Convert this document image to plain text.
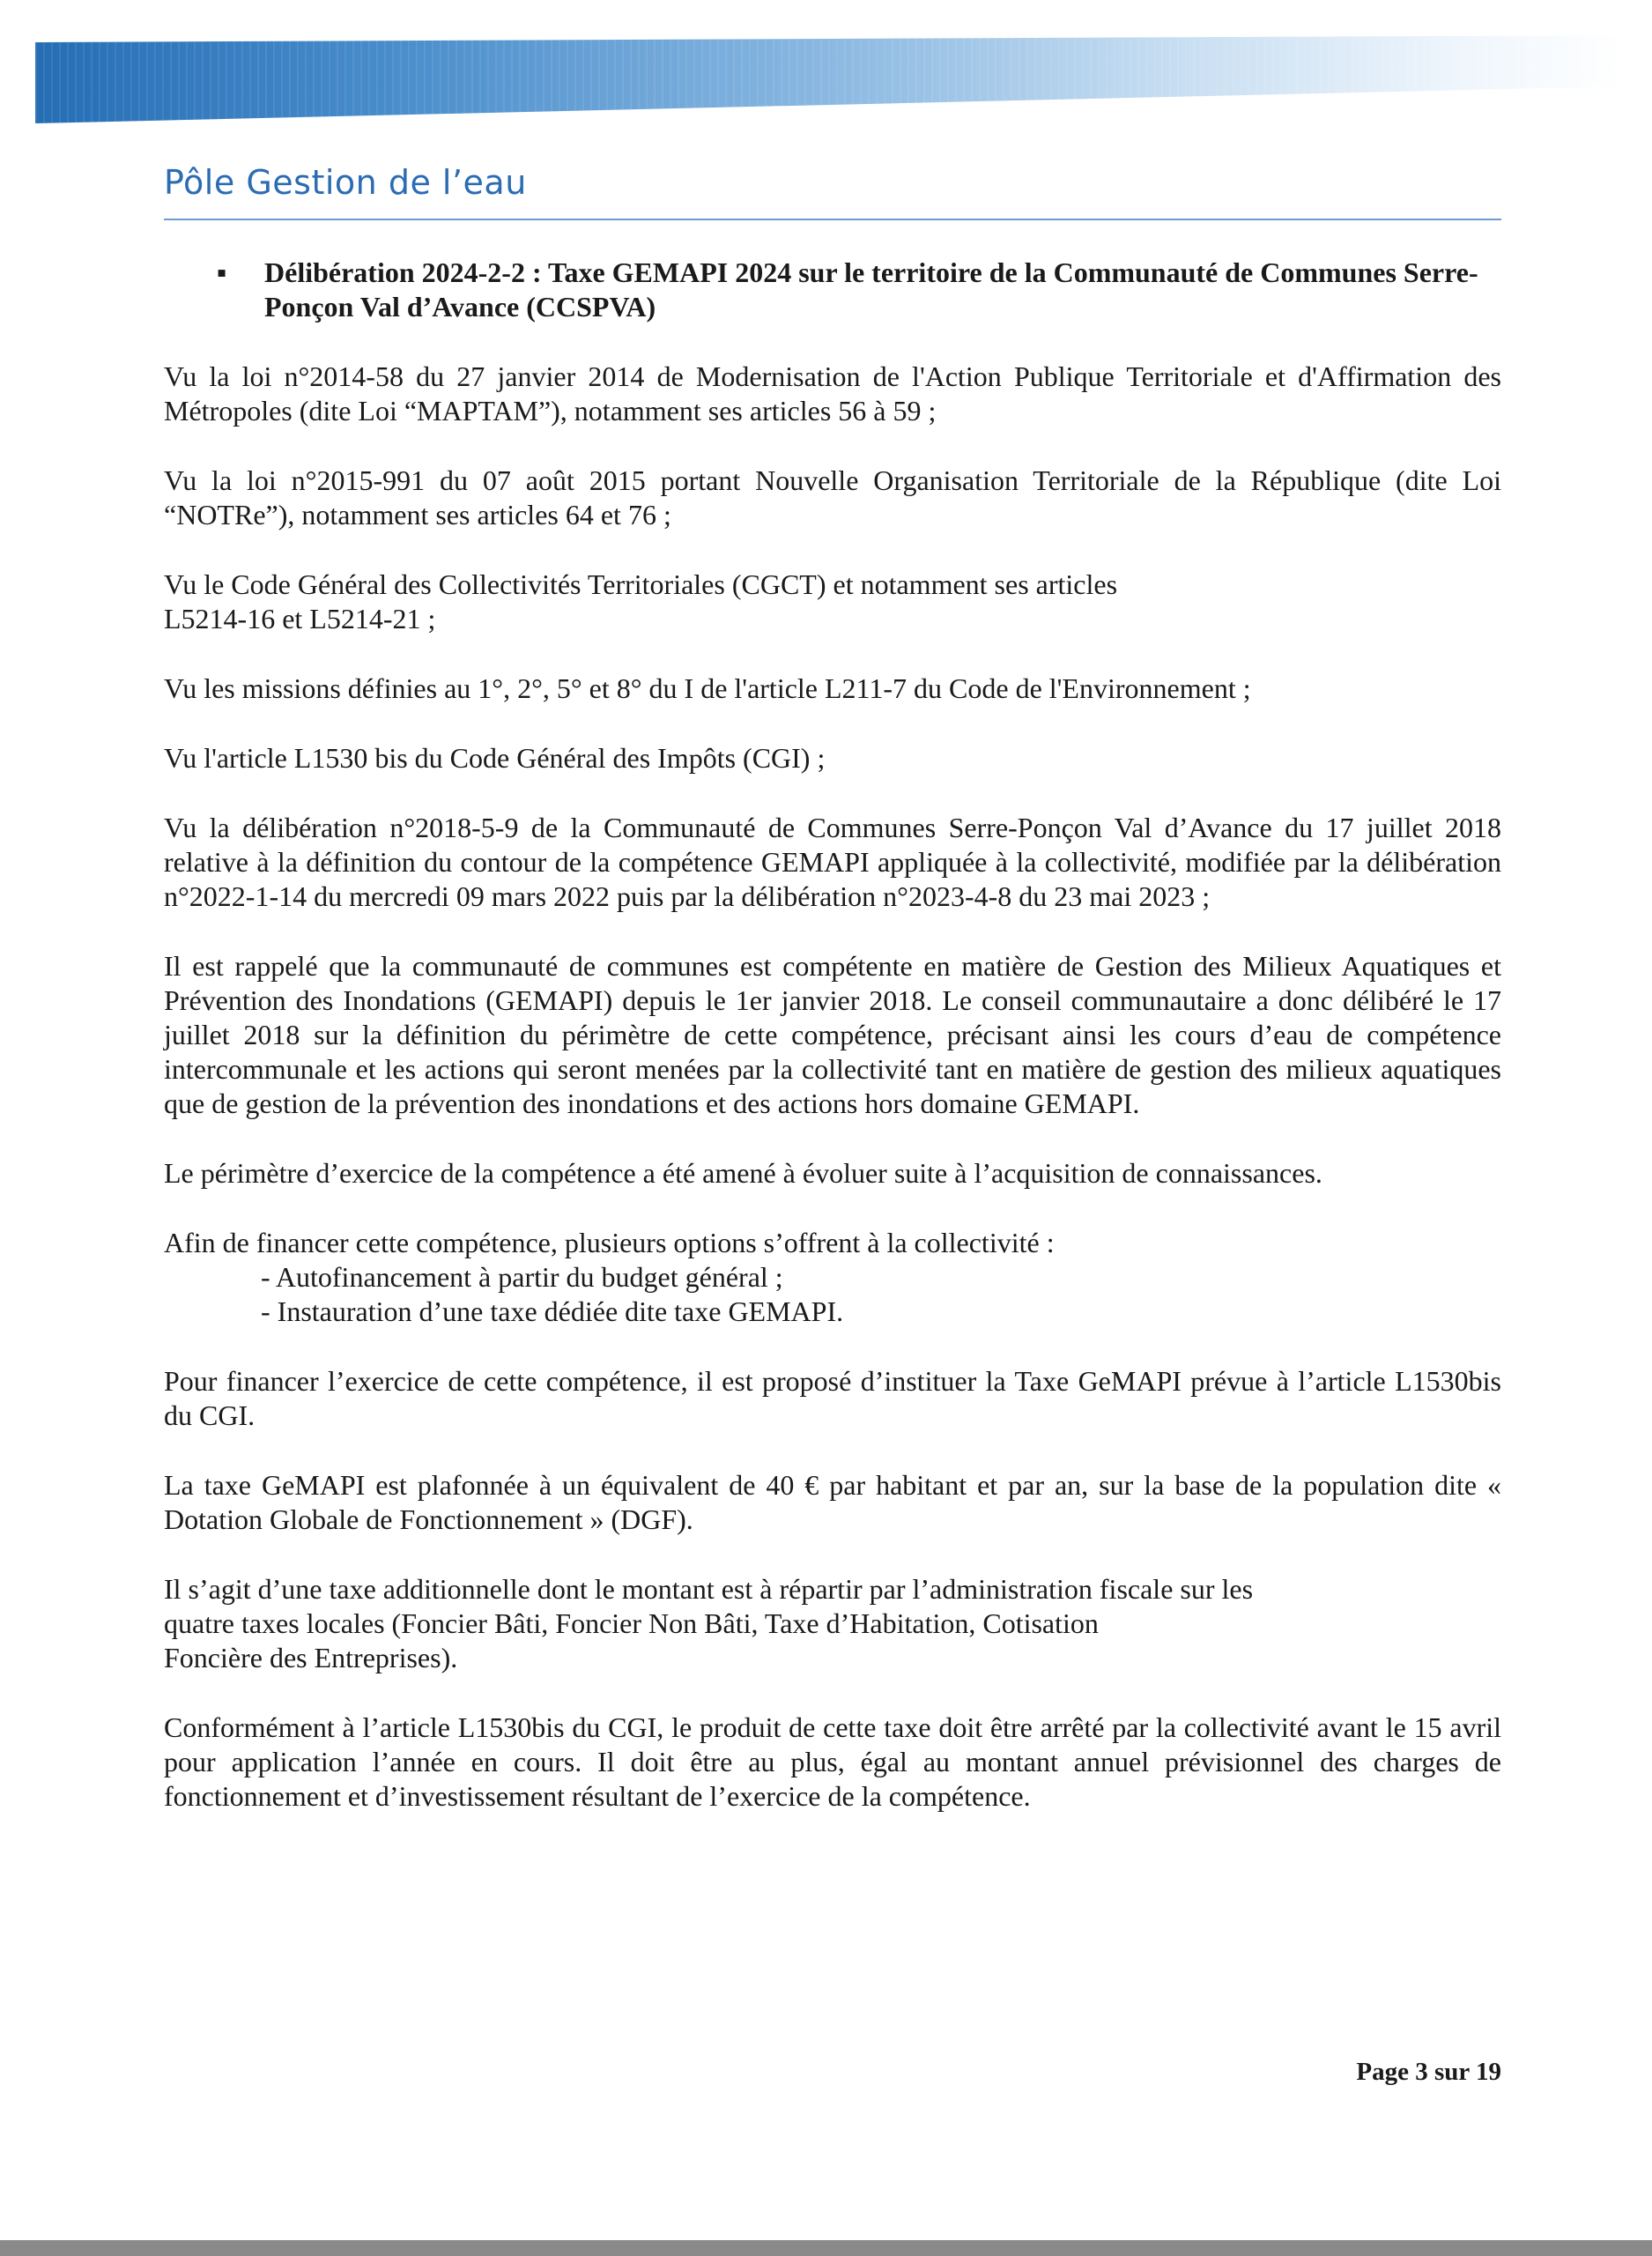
Pôle Gestion de l’eau
▪ Délibération 2024-2-2 : Taxe GEMAPI 2024 sur le territoire de la Communauté de Communes Serre-Ponçon Val d’Avance (CCSPVA)

Vu la loi n°2014-58 du 27 janvier 2014 de Modernisation de l'Action Publique Territoriale et d'Affirmation des Métropoles (dite Loi “MAPTAM”), notamment ses articles 56 à 59 ;

Vu la loi n°2015-991 du 07 août 2015 portant Nouvelle Organisation Territoriale de la République (dite Loi “NOTRe”), notamment ses articles 64 et 76 ;

Vu le Code Général des Collectivités Territoriales (CGCT) et notamment ses articles
L5214-16 et L5214-21 ;

Vu les missions définies au 1°, 2°, 5° et 8° du I de l'article L211-7 du Code de l'Environnement ;

Vu l'article L1530 bis du Code Général des Impôts (CGI) ;

Vu la délibération n°2018-5-9 de la Communauté de Communes Serre-Ponçon Val d’Avance du 17 juillet 2018 relative à la définition du contour de la compétence GEMAPI appliquée à la collectivité, modifiée par la délibération n°2022-1-14 du mercredi 09 mars 2022 puis par la délibération n°2023-4-8 du 23 mai 2023 ;

Il est rappelé que la communauté de communes est compétente en matière de Gestion des Milieux Aquatiques et Prévention des Inondations (GEMAPI) depuis le 1er janvier 2018. Le conseil communautaire a donc délibéré le 17 juillet 2018 sur la définition du périmètre de cette compétence, précisant ainsi les cours d’eau de compétence intercommunale et les actions qui seront menées par la collectivité tant en matière de gestion des milieux aquatiques que de gestion de la prévention des inondations et des actions hors domaine GEMAPI.

Le périmètre d’exercice de la compétence a été amené à évoluer suite à l’acquisition de connaissances.

Afin de financer cette compétence, plusieurs options s’offrent à la collectivité :

- Autofinancement à partir du budget général ;
- Instauration d’une taxe dédiée dite taxe GEMAPI.

Pour financer l’exercice de cette compétence, il est proposé d’instituer la Taxe GeMAPI prévue à l’article L1530bis du CGI.

La taxe GeMAPI est plafonnée à un équivalent de 40 € par habitant et par an, sur la base de la population dite « Dotation Globale de Fonctionnement » (DGF).

Il s’agit d’une taxe additionnelle dont le montant est à répartir par l’administration fiscale sur les
quatre taxes locales (Foncier Bâti, Foncier Non Bâti, Taxe d’Habitation, Cotisation
Foncière des Entreprises).

Conformément à l’article L1530bis du CGI, le produit de cette taxe doit être arrêté par la collectivité avant le 15 avril pour application l’année en cours. Il doit être au plus, égal au montant annuel prévisionnel des charges de fonctionnement et d’investissement résultant de l’exercice de la compétence.

Page 3 sur 19
